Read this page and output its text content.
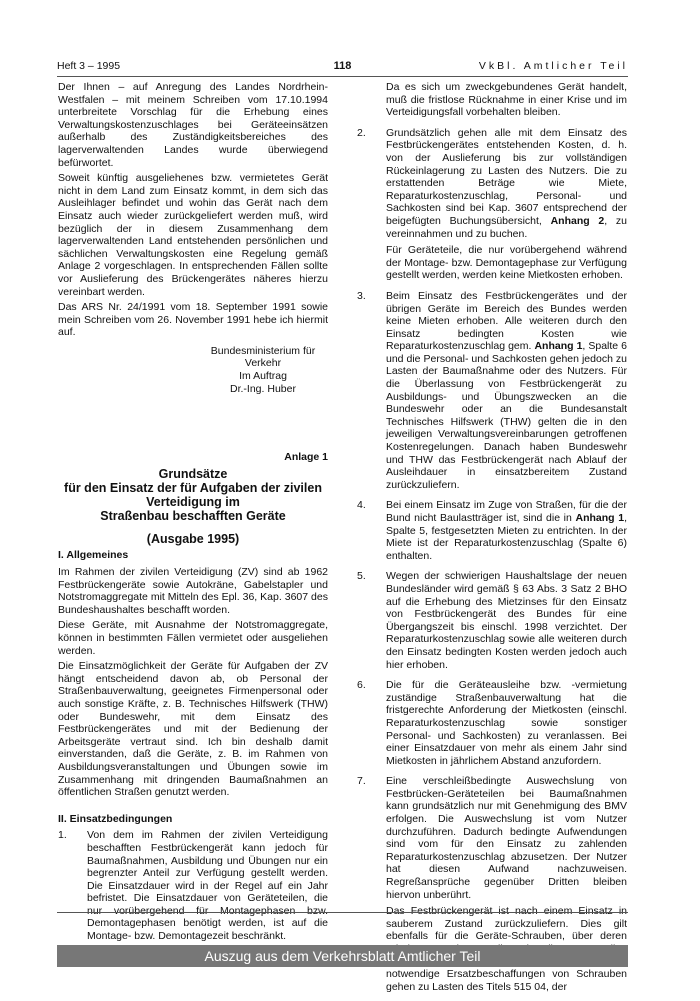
Heft 3 – 1995	118	VkBl. Amtlicher Teil

Der Ihnen – auf Anregung des Landes Nordrhein-Westfalen – mit meinem Schreiben vom 17.10.1994 unterbreitete Vorschlag für die Erhebung eines Verwaltungskostenzuschlages bei Geräteeinsätzen außerhalb des Zuständigkeitsbereiches des lagerverwaltenden Landes wurde überwiegend befürwortet.

Soweit künftig ausgeliehenes bzw. vermietetes Gerät nicht in dem Land zum Einsatz kommt, in dem sich das Ausleihlager befindet und wohin das Gerät nach dem Einsatz auch wieder zurückgeliefert werden muß, wird bezüglich der in diesem Zusammenhang dem lagerverwaltenden Land entstehenden persönlichen und sächlichen Verwaltungskosten eine Regelung gemäß Anlage 2 vorgeschlagen. In entsprechenden Fällen sollte vor Auslieferung des Brückengerätes näheres hierzu vereinbart werden.

Das ARS Nr. 24/1991 vom 18. September 1991 sowie mein Schreiben vom 26. November 1991 hebe ich hiermit auf.

Bundesministerium für Verkehr
Im Auftrag
Dr.-Ing. Huber
Anlage 1
Grundsätze
für den Einsatz der für Aufgaben der zivilen
Verteidigung im
Straßenbau beschafften Geräte
(Ausgabe 1995)
I. Allgemeines

Im Rahmen der zivilen Verteidigung (ZV) sind ab 1962 Festbrückengeräte sowie Autokräne, Gabelstapler und Notstromaggregate mit Mitteln des Epl. 36, Kap. 3607 des Bundeshaushaltes beschafft worden.

Diese Geräte, mit Ausnahme der Notstromaggregate, können in bestimmten Fällen vermietet oder ausgeliehen werden.

Die Einsatzmöglichkeit der Geräte für Aufgaben der ZV hängt entscheidend davon ab, ob Personal der Straßenbauverwaltung, geeignetes Firmenpersonal oder auch sonstige Kräfte, z. B. Technisches Hilfswerk (THW) oder Bundeswehr, mit dem Einsatz des Festbrückengerätes und mit der Bedienung der Arbeitsgeräte vertraut sind. Ich bin deshalb damit einverstanden, daß die Geräte, z. B. im Rahmen von Ausbildungsveranstaltungen und Übungen sowie im Zusammenhang mit dringenden Baumaßnahmen an öffentlichen Straßen genutzt werden.

II. Einsatzbedingungen
1.	Von dem im Rahmen der zivilen Verteidigung beschafften Festbrückengerät kann jedoch für Baumaßnahmen, Ausbildung und Übungen nur ein begrenzter Anteil zur Verfügung gestellt werden. Die Einsatzdauer wird in der Regel auf ein Jahr befristet. Die Einsatzdauer von Geräteteilen, die nur vorübergehend für Montagephasen bzw. Demontagephasen benötigt werden, ist auf die Montage- bzw. Demontagezeit beschränkt.

Da es sich um zweckgebundenes Gerät handelt, muß die fristlose Rücknahme in einer Krise und im Verteidigungsfall vorbehalten bleiben.

2.	Grundsätzlich gehen alle mit dem Einsatz des Festbrückengerätes entstehenden Kosten, d. h. von der Auslieferung bis zur vollständigen Rückeinlagerung zu Lasten des Nutzers. Die zu erstattenden Beträge wie Miete, Reparaturkostenzuschlag, Personal- und Sachkosten sind bei Kap. 3607 entsprechend der beigefügten Buchungsübersicht, Anhang 2, zu vereinnahmen und zu buchen.

Für Geräteteile, die nur vorübergehend während der Montage- bzw. Demontagephase zur Verfügung gestellt werden, werden keine Mietkosten erhoben.

3.	Beim Einsatz des Festbrückengerätes und der übrigen Geräte im Bereich des Bundes werden keine Mieten erhoben. Alle weiteren durch den Einsatz bedingten Kosten wie Reparaturkostenzuschlag gem. Anhang 1, Spalte 6 und die Personal- und Sachkosten gehen jedoch zu Lasten der Baumaßnahme oder des Nutzers. Für die Überlassung von Festbrückengerät zu Ausbildungs- und Übungszwecken an die Bundeswehr oder an die Bundesanstalt Technisches Hilfswerk (THW) gelten die in den jeweiligen Verwaltungsvereinbarungen getroffenen Kostenregelungen. Danach haben Bundeswehr und THW das Festbrückengerät nach Ablauf der Ausleihdauer in einsatzbereitem Zustand zurückzuliefern.

4.	Bei einem Einsatz im Zuge von Straßen, für die der Bund nicht Baulastträger ist, sind die in Anhang 1, Spalte 5, festgesetzten Mieten zu entrichten. In der Miete ist der Reparaturkostenzuschlag (Spalte 6) enthalten.

5.	Wegen der schwierigen Haushaltslage der neuen Bundesländer wird gemäß § 63 Abs. 3 Satz 2 BHO auf die Erhebung des Mietzinses für den Einsatz von Festbrückengerät des Bundes für eine Übergangszeit bis einschl. 1998 verzichtet. Der Reparaturkostenzuschlag sowie alle weiteren durch den Einsatz bedingten Kosten werden jedoch auch hier erhoben.

6.	Die für die Geräteausleihe bzw. -vermietung zuständige Straßenbauverwaltung hat die fristgerechte Anforderung der Mietkosten (einschl. Reparaturkostenzuschlag sowie sonstiger Personal- und Sachkosten) zu veranlassen. Bei einer Einsatzdauer von mehr als einem Jahr sind Mietkosten in jährlichem Abstand anzufordern.

7.	Eine verschleißbedingte Auswechslung von Festbrücken-Geräteteilen bei Baumaßnahmen kann grundsätzlich nur mit Genehmigung des BMV erfolgen. Die Auswechslung ist vom Nutzer durchzuführen. Dadurch bedingte Aufwendungen sind vom für den Einsatz zu zahlenden Reparaturkostenzuschlag abzusetzen. Der Nutzer hat diesen Aufwand nachzuweisen. Regreßansprüche gegenüber Dritten bleiben hiervon unberührt.

Das Festbrückengerät ist nach einem Einsatz in sauberem Zustand zurückzuliefern. Dies gilt ebenfalls für die Geräte-Schrauben, über deren notwendige Ersatzbeschaffungen von Schrauben gehen zu Lasten des Titels 515 04, der

Auszug aus dem Verkehrsblatt Amtlicher Teil
